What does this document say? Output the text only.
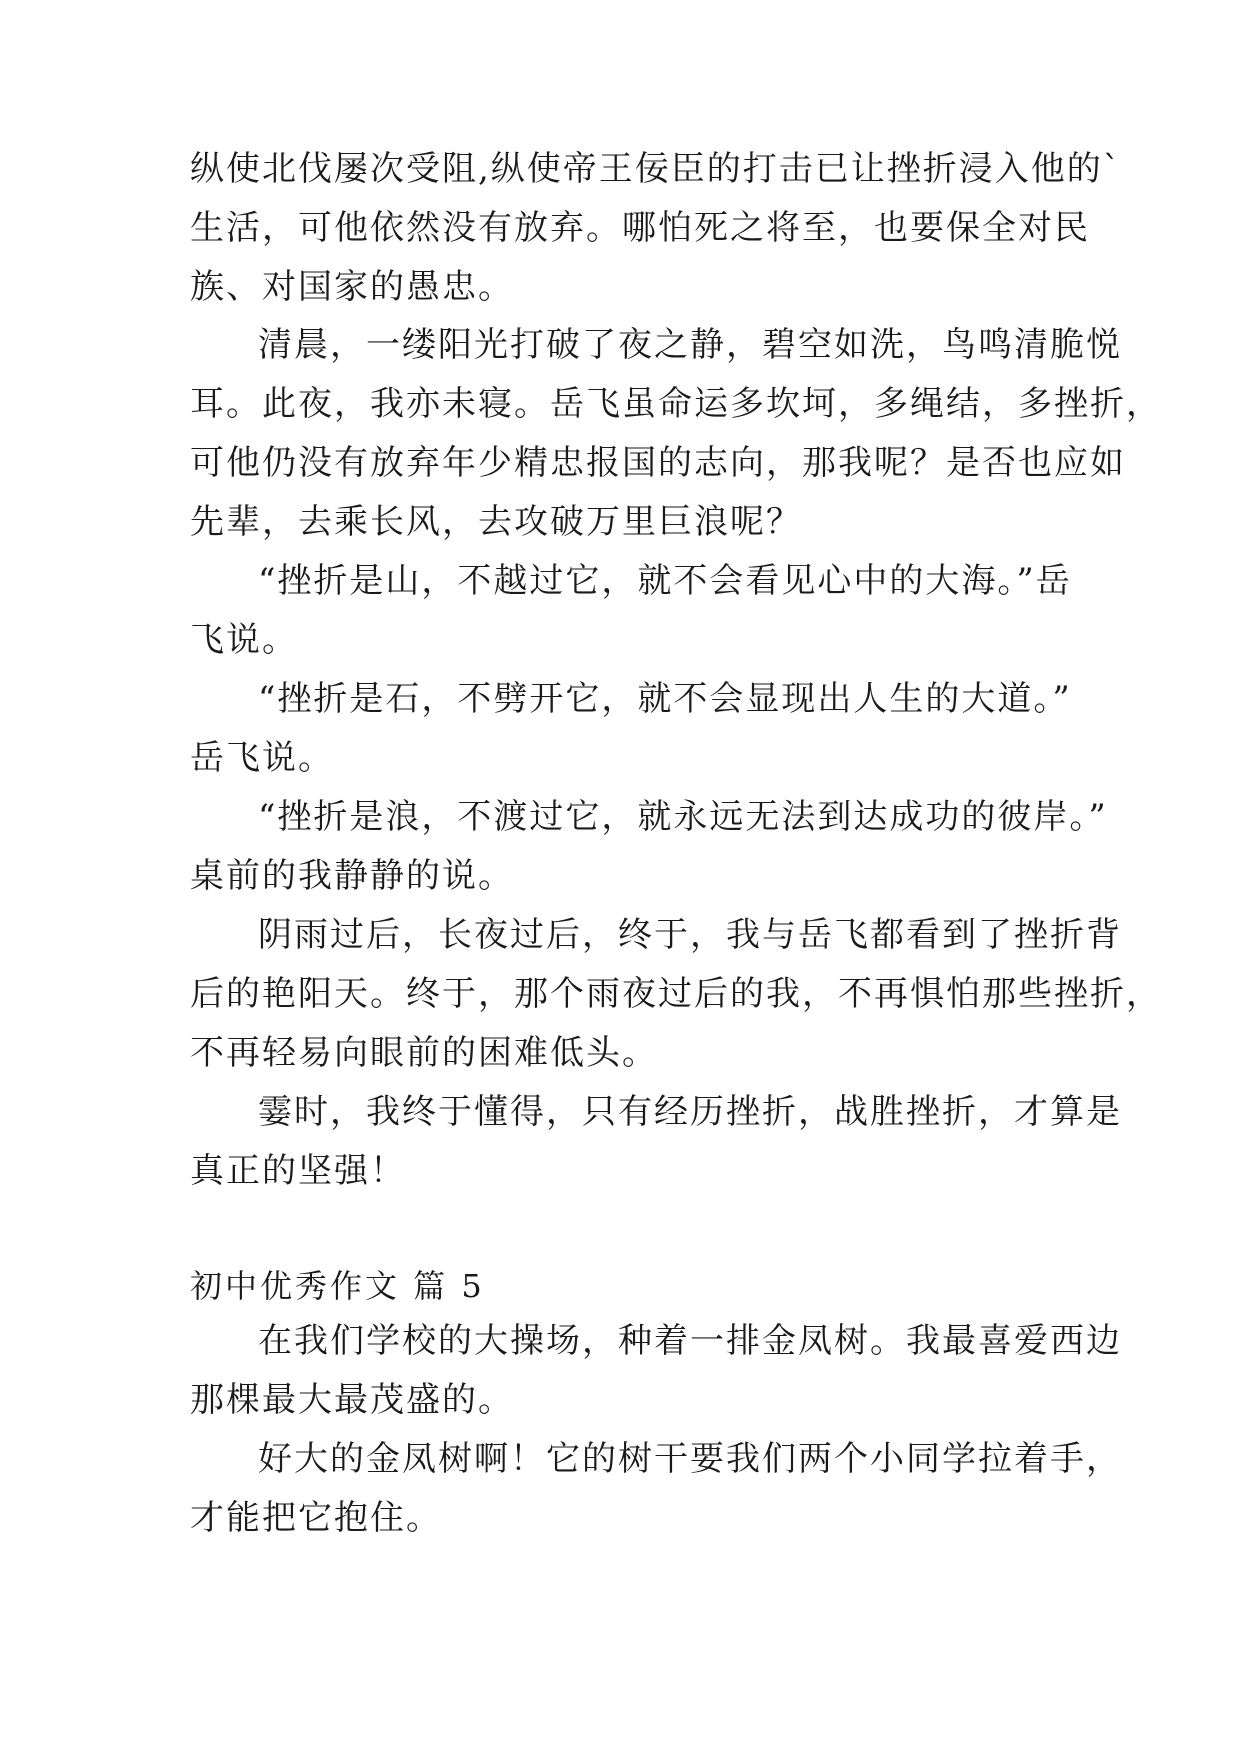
纵使北伐屡次受阻,纵使帝王佞臣的打击已让挫折浸入他的`
生活，可他依然没有放弃。哪怕死之将至，也要保全对民
族、对国家的愚忠。
清晨，一缕阳光打破了夜之静，碧空如洗，鸟鸣清脆悦
耳。此夜，我亦未寝。岳飞虽命运多坎坷，多绳结，多挫折，
可他仍没有放弃年少精忠报国的志向，那我呢？是否也应如
先辈，去乘长风，去攻破万里巨浪呢？
“挫折是山，不越过它，就不会看见心中的大海。”岳
飞说。
“挫折是石，不劈开它，就不会显现出人生的大道。”
岳飞说。
“挫折是浪，不渡过它，就永远无法到达成功的彼岸。”
桌前的我静静的说。
阴雨过后，长夜过后，终于，我与岳飞都看到了挫折背
后的艳阳天。终于，那个雨夜过后的我，不再惧怕那些挫折，
不再轻易向眼前的困难低头。
霎时，我终于懂得，只有经历挫折，战胜挫折，才算是
真正的坚强！
初中优秀作文 篇 5
在我们学校的大操场，种着一排金凤树。我最喜爱西边
那棵最大最茂盛的。
好大的金凤树啊！它的树干要我们两个小同学拉着手，
才能把它抱住。
